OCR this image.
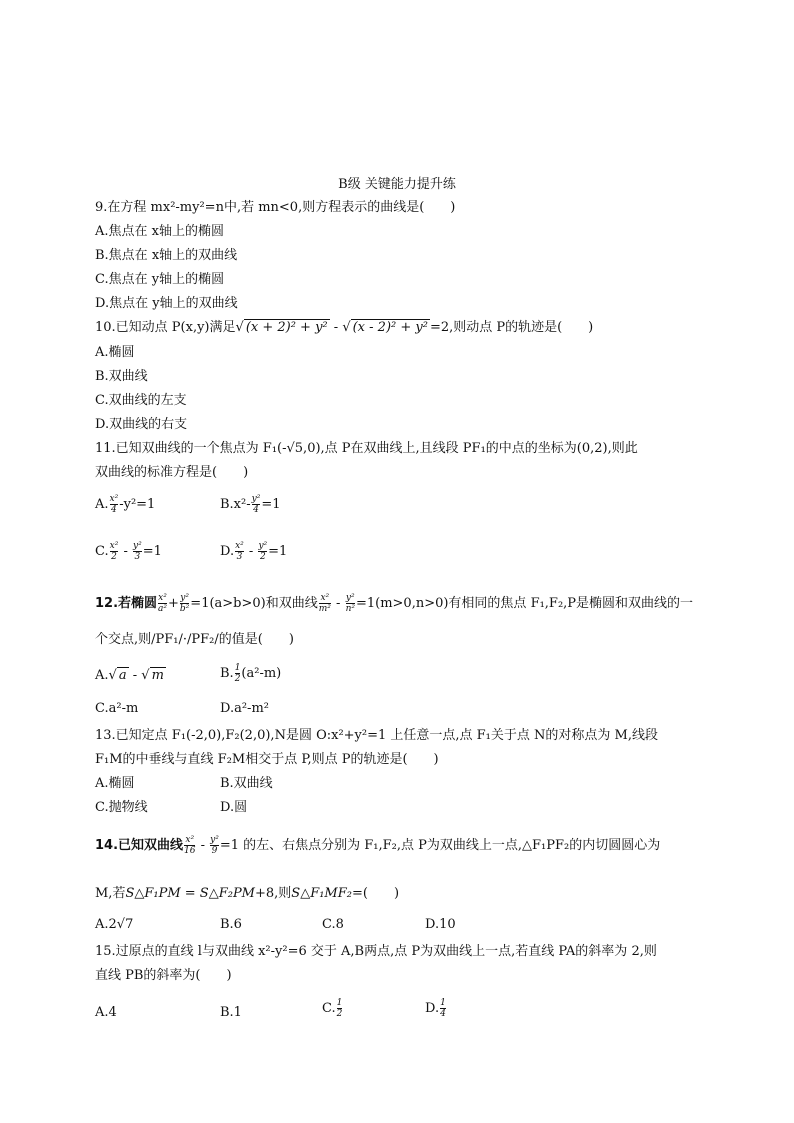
B级 关键能力提升练
9.在方程 mx²-my²=n中,若 mn<0,则方程表示的曲线是(　　)
A.焦点在 x轴上的椭圆
B.焦点在 x轴上的双曲线
C.焦点在 y轴上的椭圆
D.焦点在 y轴上的双曲线
10.已知动点 P(x,y)满足√ (x + 2)² + y² - √ (x - 2)² + y² =2,则动点 P的轨迹是(　　)
A.椭圆
B.双曲线
C.双曲线的左支
D.双曲线的右支
11.已知双曲线的一个焦点为 F₁(-√5,0),点 P在双曲线上,且线段 PF₁的中点的坐标为(0,2),则此
双曲线的标准方程是(　　)
A. $\frac{\text{x²}}{4} -y^2=1$	$B.x^2- \frac{\text{y²}}{4} =1$
C. $\frac{\text{x²}}{2} - \frac{\text{y²}}{3} =1$	D. $\frac{\text{x²}}{3} - \frac{\text{y²}}{2} =1$
12.若椭圆 $\frac{\text{x²}}{\text{a²}} + \frac{\text{y²}}{\text{b²}} =1(a>b>0)$和双曲线 $\frac{\text{x²}}{\text{m²}} - \frac{\text{y²}}{\text{n²}} =1(m>0,n>0)$有相同的焦点 F₁,F₂,P是椭圆和双曲线的一
个交点,则/PF₁/·/PF₂/的值是(　　)
A.√ a - √ m	B. $\frac{1}{2} (a^2-m)$
C.a²-m	D.a²-m²
13.已知定点 F₁(-2,0),F₂(2,0),N是圆 O:x²+y²=1 上任意一点,点 F₁关于点 N的对称点为 M,线段
F₁M的中垂线与直线 F₂M相交于点 P,则点 P的轨迹是(　　)
A.椭圆	B.双曲线
C.抛物线	D.圆
14.已知双曲线 $\frac{\text{x²}}{16} - \frac{\text{y²}}{9} =1$ 的左、右焦点分别为 F₁,F₂,点 P为双曲线上一点,△F₁PF₂的内切圆圆心为
M,若S△F₁PM = S△F₂PM+8,则S△F₁MF₂=(　　)
A.2√7	B.6	C.8	D.10
15.过原点的直线 l与双曲线 x²-y²=6 交于 A,B两点,点 P为双曲线上一点,若直线 PA的斜率为 2,则
直线 PB的斜率为(　　)
A.4	B.1	C. $\frac{1}{2}$	D. $\frac{1}{4}$
